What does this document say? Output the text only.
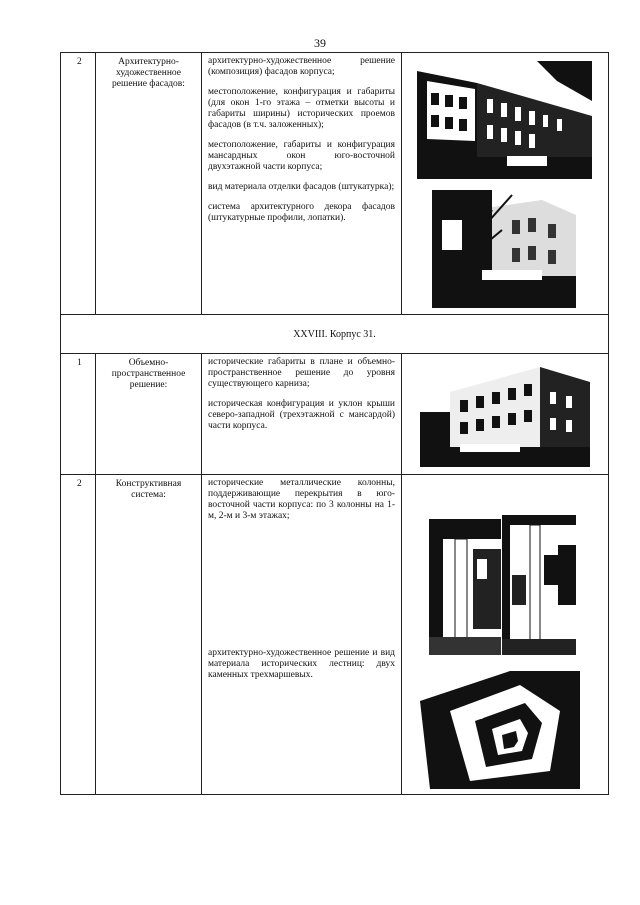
39
2	Архитектурно-художественное решение фасадов:	архитектурно-художественное решение (композиция) фасадов корпуса;

местоположение, конфигурация и габариты (для окон 1-го этажа – отметки высоты и габариты ширины) исторических проемов фасадов (в т.ч. заложенных);

местоположение, габариты и конфигурация мансардных окон юго-восточной двухэтажной части корпуса;

вид материала отделки фасадов (штукатурка);

система архитектурного декора фасадов (штукатурные профили, лопатки).

XXVIII. Корпус 31.			

1	Объемно-пространственное решение:	исторические габариты в плане и объемно-пространственное решение до уровня существующего карниза;

историческая конфигурация и уклон крыши северо-западной (трехэтажной с мансардой) части корпуса.

2	Конструктивная система:	исторические металлические колонны, поддерживающие перекрытия в юго-восточной части корпуса: по 3 колонны на 1-м, 2-м и 3-м этажах;

архитектурно-художественное решение и вид материала исторических лестниц: двух каменных трехмаршевых.
